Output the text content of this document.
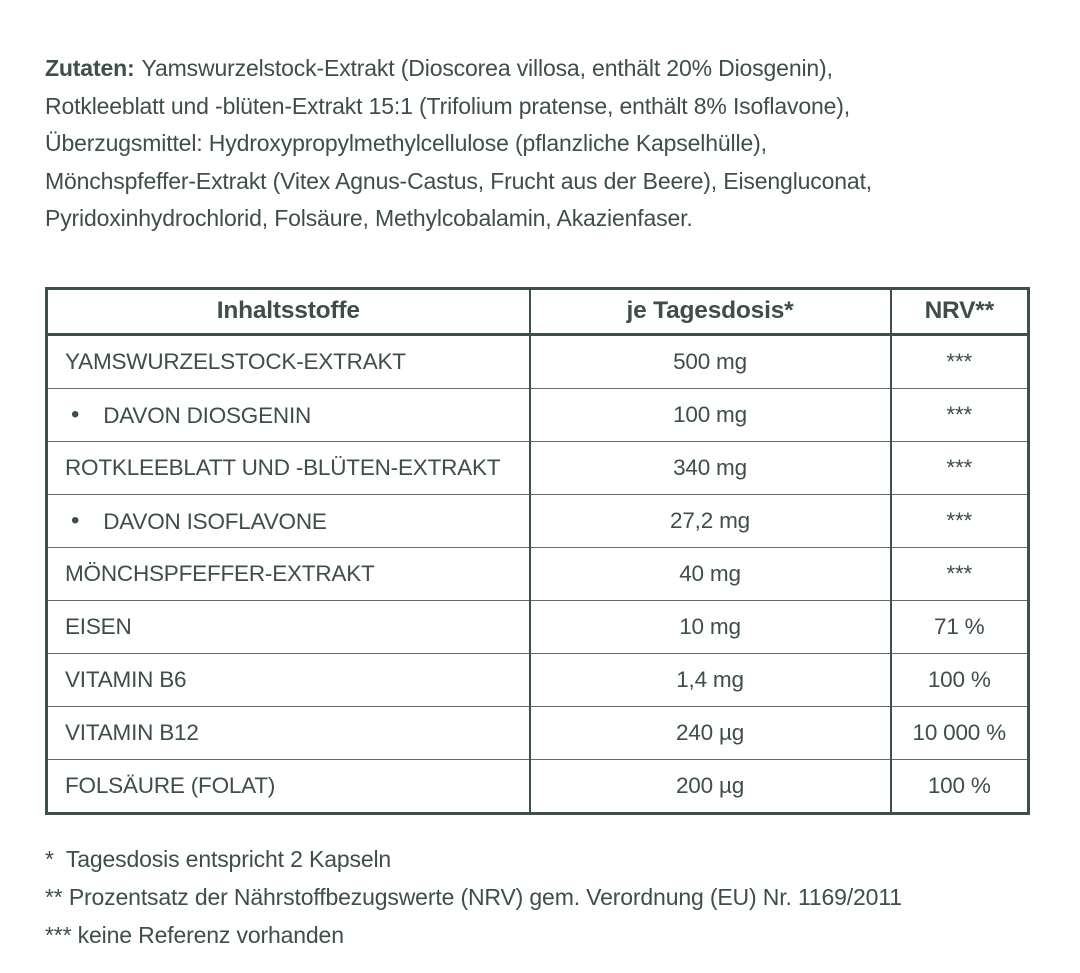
Zutaten: Yamswurzelstock-Extrakt (Dioscorea villosa, enthält 20% Diosgenin),
Rotkleeblatt und -blüten-Extrakt 15:1 (Trifolium pratense, enthält 8% Isoflavone),
Überzugsmittel: Hydroxypropylmethylcellulose (pflanzliche Kapselhülle),
Mönchspfeffer-Extrakt (Vitex Agnus-Castus, Frucht aus der Beere), Eisengluconat,
Pyridoxinhydrochlorid, Folsäure, Methylcobalamin, Akazienfaser.
Inhaltsstoffe	je Tagesdosis*	NRV**
YAMSWURZELSTOCK-EXTRAKT	500 mg	***
• DAVON DIOSGENIN	100 mg	***
ROTKLEEBLATT UND -BLÜTEN-EXTRAKT	340 mg	***
• DAVON ISOFLAVONE	27,2 mg	***
MÖNCHSPFEFFER-EXTRAKT	40 mg	***
EISEN	10 mg	71 %
VITAMIN B6	1,4 mg	100 %
VITAMIN B12	240 µg	10 000 %
FOLSÄURE (FOLAT)	200 µg	100 %
*  Tagesdosis entspricht 2 Kapseln
** Prozentsatz der Nährstoffbezugswerte (NRV) gem. Verordnung (EU) Nr. 1169/2011
*** keine Referenz vorhanden
